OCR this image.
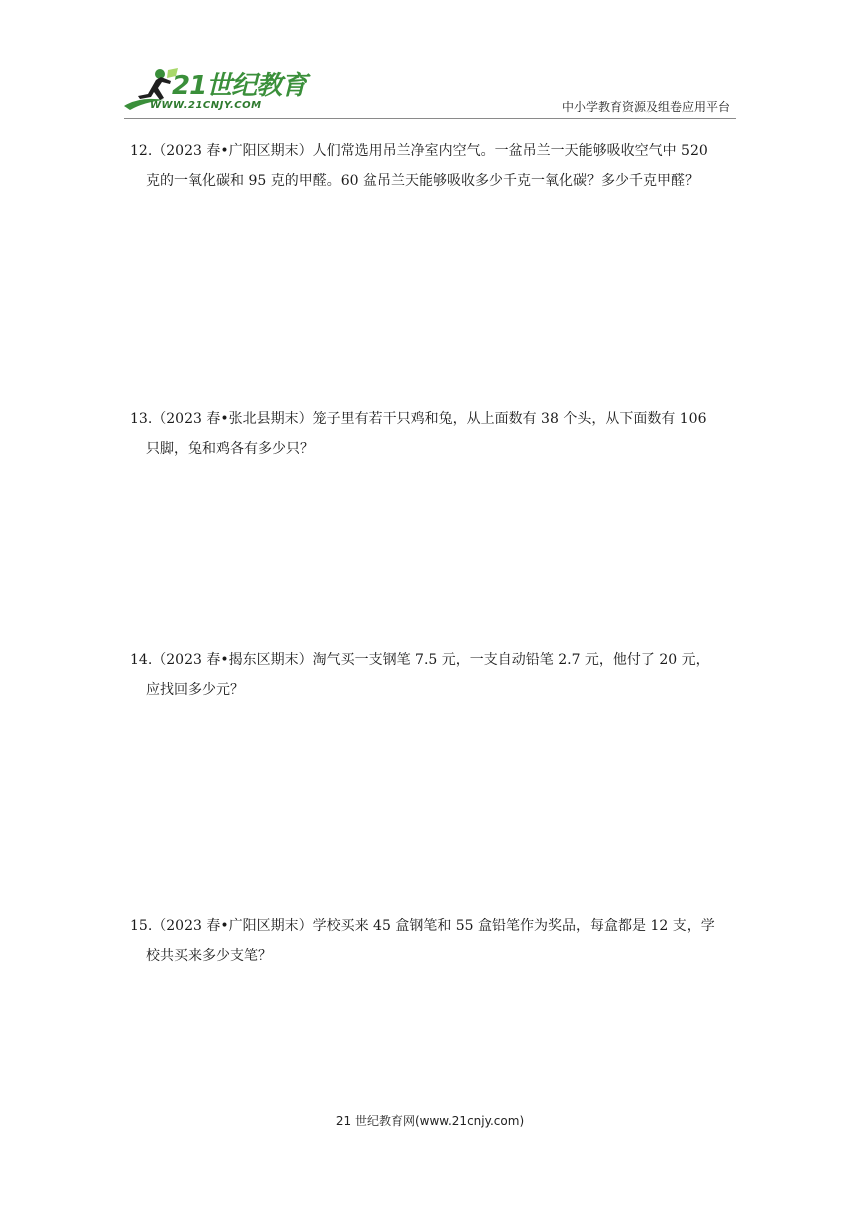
21世纪教育
WWW.21CNJY.COM	中小学教育资源及组卷应用平台
12.（2023 春•广阳区期末）人们常选用吊兰净室内空气。一盆吊兰一天能够吸收空气中 520
克的一氧化碳和 95 克的甲醛。60 盆吊兰天能够吸收多少千克一氧化碳？多少千克甲醛？
13.（2023 春•张北县期末）笼子里有若干只鸡和兔，从上面数有 38 个头，从下面数有 106
只脚，兔和鸡各有多少只？
14.（2023 春•揭东区期末）淘气买一支钢笔 7.5 元，一支自动铅笔 2.7 元，他付了 20 元，
应找回多少元？
15.（2023 春•广阳区期末）学校买来 45 盒钢笔和 55 盒铅笔作为奖品，每盒都是 12 支，学
校共买来多少支笔？
21 世纪教育网(www.21cnjy.com)
